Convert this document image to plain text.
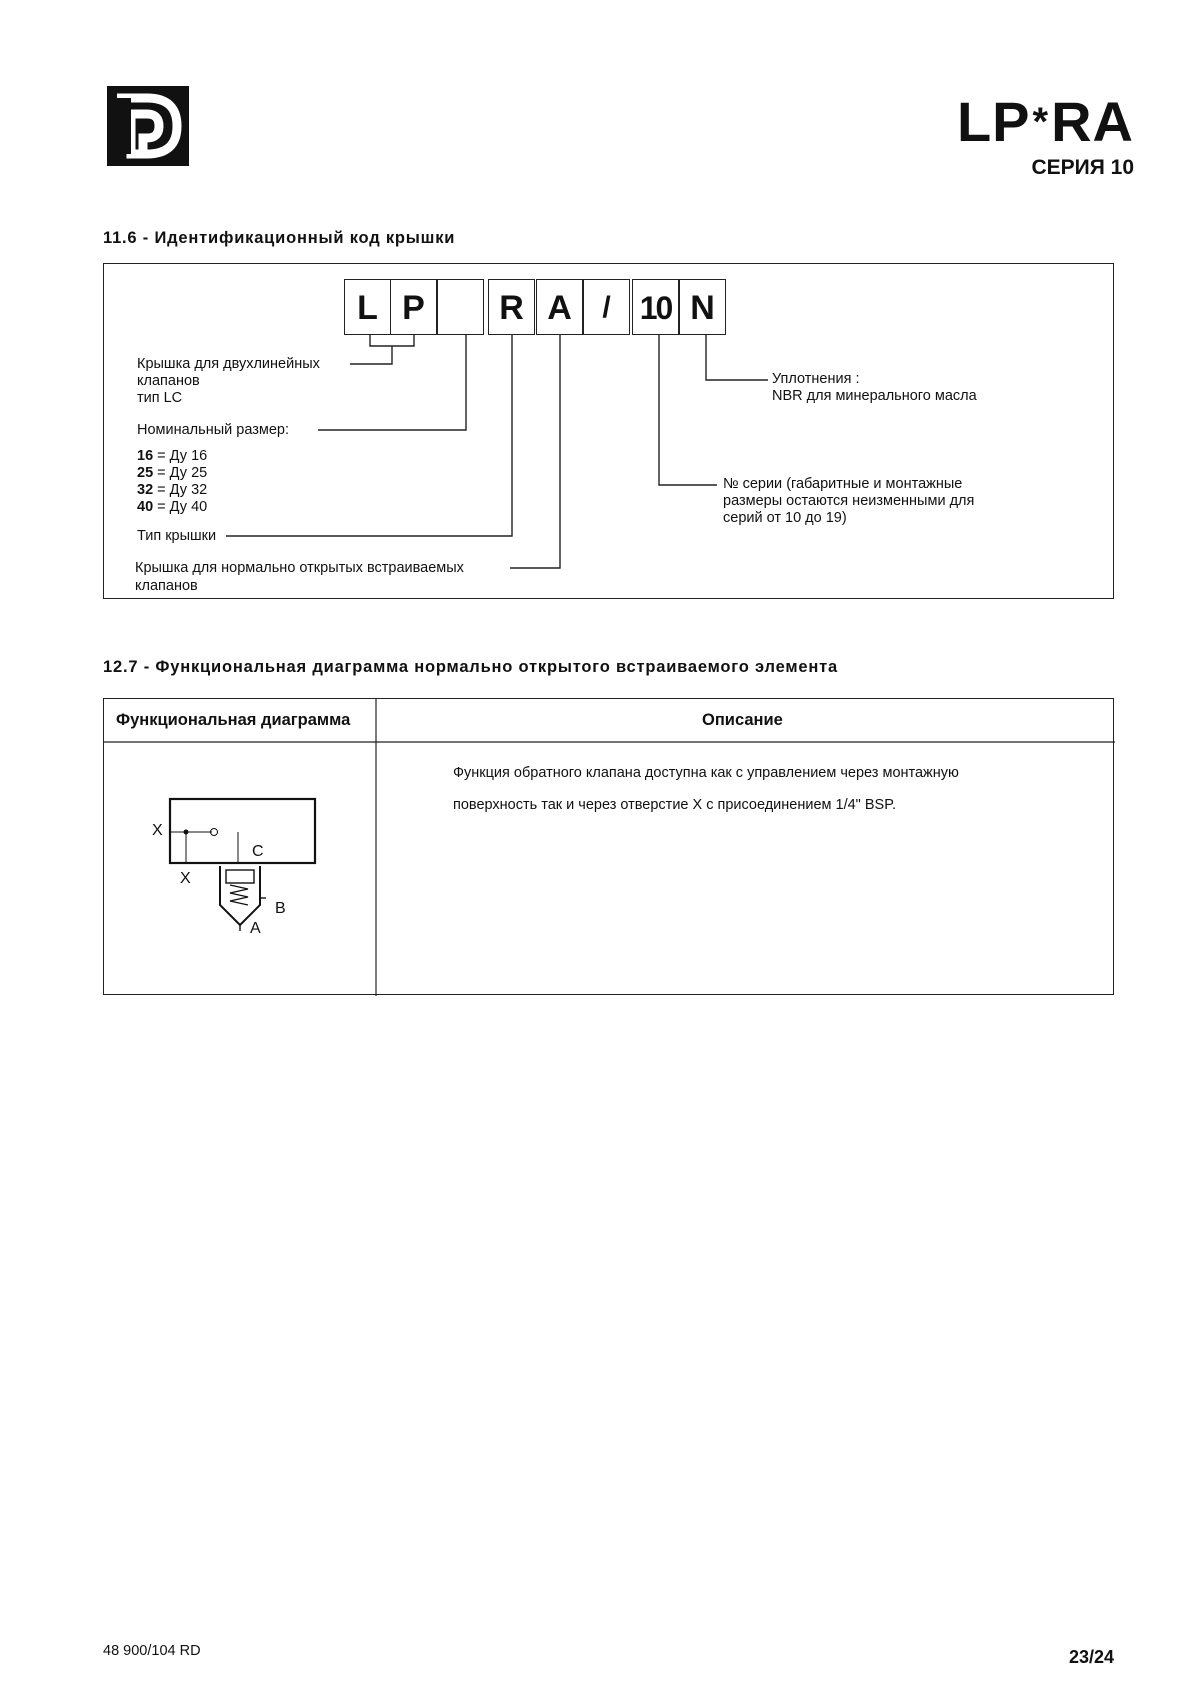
LP*RA
СЕРИЯ 10
11.6 - Идентификационный код крышки
L P	R A	/ 10 N
Крышка для двухлинейных
клапанов
тип LC
Номинальный размер:
16 = Ду 16
25 = Ду 25
32 = Ду 32
40 = Ду 40
Тип крышки
Крышка для нормально открытых встраиваемых
клапанов
Уплотнения :
NBR для минерального масла
№ серии (габаритные и монтажные
размеры остаются неизменными для
серий от 10 до 19)
12.7 - Функциональная диаграмма нормально открытого встраиваемого элемента
Функциональная диаграмма	Описание
Функция обратного клапана доступна как с управлением через монтажную
поверхность так и через отверстие X с присоединением 1/4" BSP.
X
X
C
B
A
48 900/104 RD	23/24
